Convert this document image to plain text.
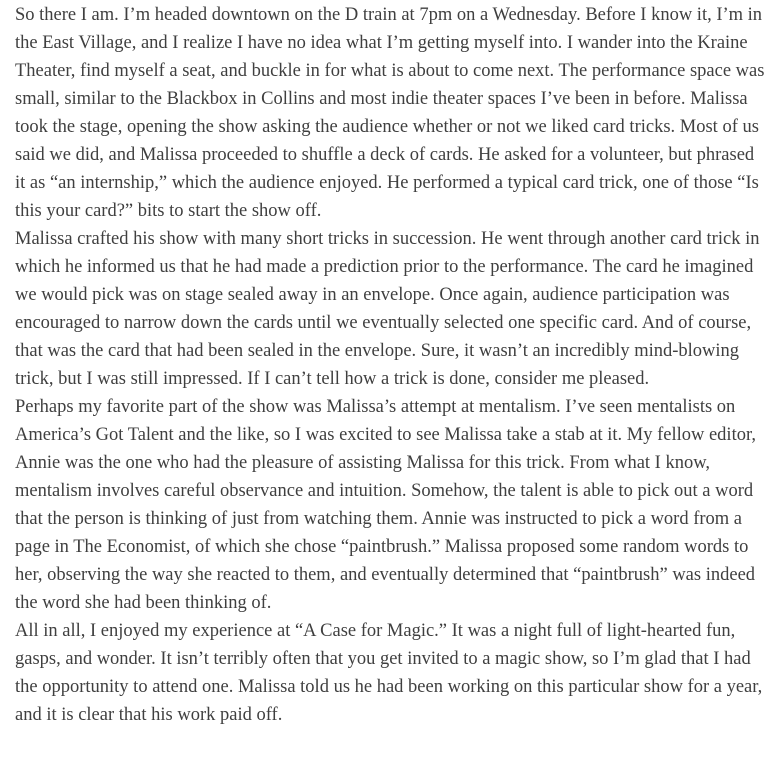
So there I am. I’m headed downtown on the D train at 7pm on a Wednesday. Before I know it, I’m in the East Village, and I realize I have no idea what I’m getting myself into. I wander into the Kraine Theater, find myself a seat, and buckle in for what is about to come next. The performance space was small, similar to the Blackbox in Collins and most indie theater spaces I’ve been in before. Malissa took the stage, opening the show asking the audience whether or not we liked card tricks. Most of us said we did, and Malissa proceeded to shuffle a deck of cards. He asked for a volunteer, but phrased it as “an internship,” which the audience enjoyed. He performed a typical card trick, one of those “Is this your card?” bits to start the show off.

Malissa crafted his show with many short tricks in succession. He went through another card trick in which he informed us that he had made a prediction prior to the performance. The card he imagined we would pick was on stage sealed away in an envelope. Once again, audience participation was encouraged to narrow down the cards until we eventually selected one specific card. And of course, that was the card that had been sealed in the envelope. Sure, it wasn’t an incredibly mind-blowing trick, but I was still impressed. If I can’t tell how a trick is done, consider me pleased.

Perhaps my favorite part of the show was Malissa’s attempt at mentalism. I’ve seen mentalists on America’s Got Talent and the like, so I was excited to see Malissa take a stab at it. My fellow editor, Annie was the one who had the pleasure of assisting Malissa for this trick. From what I know, mentalism involves careful observance and intuition. Somehow, the talent is able to pick out a word that the person is thinking of just from watching them. Annie was instructed to pick a word from a page in The Economist, of which she chose “paintbrush.” Malissa proposed some random words to her, observing the way she reacted to them, and eventually determined that “paintbrush” was indeed the word she had been thinking of.

All in all, I enjoyed my experience at “A Case for Magic.” It was a night full of light-hearted fun, gasps, and wonder. It isn’t terribly often that you get invited to a magic show, so I’m glad that I had the opportunity to attend one. Malissa told us he had been working on this particular show for a year, and it is clear that his work paid off.
